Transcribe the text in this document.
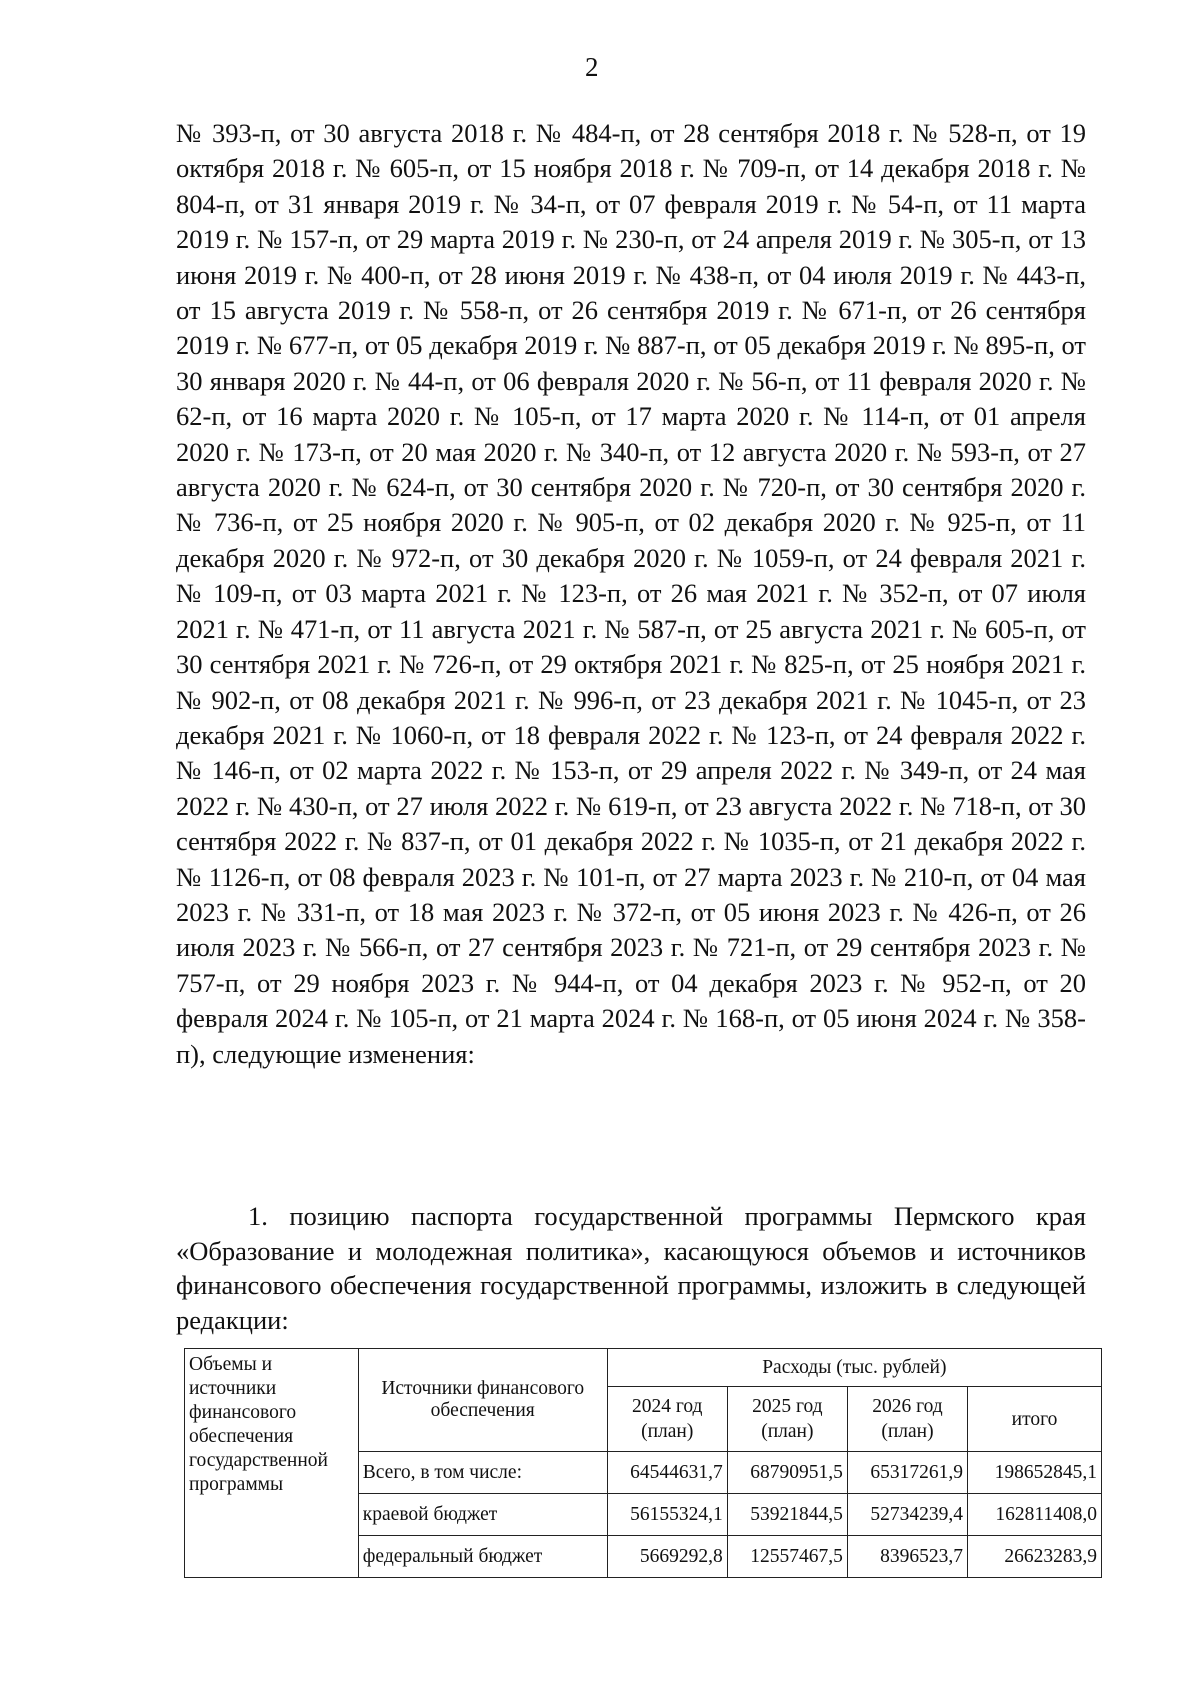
2

№ 393-п, от 30 августа 2018 г. № 484-п, от 28 сентября 2018 г. № 528-п, от 19 октября 2018 г. № 605-п, от 15 ноября 2018 г. № 709-п, от 14 декабря 2018 г. № 804-п, от 31 января 2019 г. № 34-п, от 07 февраля 2019 г. № 54-п, от 11 марта 2019 г. № 157-п, от 29 марта 2019 г. № 230-п, от 24 апреля 2019 г. № 305-п, от 13 июня 2019 г. № 400-п, от 28 июня 2019 г. № 438-п, от 04 июля 2019 г. № 443-п, от 15 августа 2019 г. № 558-п, от 26 сентября 2019 г. № 671-п, от 26 сентября 2019 г. № 677-п, от 05 декабря 2019 г. № 887-п, от 05 декабря 2019 г. № 895-п, от 30 января 2020 г. № 44-п, от 06 февраля 2020 г. № 56-п, от 11 февраля 2020 г. № 62-п, от 16 марта 2020 г. № 105-п, от 17 марта 2020 г. № 114-п, от 01 апреля 2020 г. № 173-п, от 20 мая 2020 г. № 340-п, от 12 августа 2020 г. № 593-п, от 27 августа 2020 г. № 624-п, от 30 сентября 2020 г. № 720-п, от 30 сентября 2020 г. № 736-п, от 25 ноября 2020 г. № 905-п, от 02 декабря 2020 г. № 925-п, от 11 декабря 2020 г. № 972-п, от 30 декабря 2020 г. № 1059-п, от 24 февраля 2021 г. № 109-п, от 03 марта 2021 г. № 123-п, от 26 мая 2021 г. № 352-п, от 07 июля 2021 г. № 471-п, от 11 августа 2021 г. № 587-п, от 25 августа 2021 г. № 605-п, от 30 сентября 2021 г. № 726-п, от 29 октября 2021 г. № 825-п, от 25 ноября 2021 г. № 902-п, от 08 декабря 2021 г. № 996-п, от 23 декабря 2021 г. № 1045-п, от 23 декабря 2021 г. № 1060-п, от 18 февраля 2022 г. № 123-п, от 24 февраля 2022 г. № 146-п, от 02 марта 2022 г. № 153-п, от 29 апреля 2022 г. № 349-п, от 24 мая 2022 г. № 430-п, от 27 июля 2022 г. № 619-п, от 23 августа 2022 г. № 718-п, от 30 сентября 2022 г. № 837-п, от 01 декабря 2022 г. № 1035-п, от 21 декабря 2022 г. № 1126-п, от 08 февраля 2023 г. № 101-п, от 27 марта 2023 г. № 210-п, от 04 мая 2023 г. № 331-п, от 18 мая 2023 г. № 372-п, от 05 июня 2023 г. № 426-п, от 26 июля 2023 г. № 566-п, от 27 сентября 2023 г. № 721-п, от 29 сентября 2023 г. № 757-п, от 29 ноября 2023 г. № 944-п, от 04 декабря 2023 г. № 952-п, от 20 февраля 2024 г. № 105-п, от 21 марта 2024 г. № 168-п, от 05 июня 2024 г. № 358-п), следующие изменения:

1. позицию паспорта государственной программы Пермского края «Образование и молодежная политика», касающуюся объемов и источников финансового обеспечения государственной программы, изложить в следующей редакции:

Объемы и источники финансового обеспечения государственной программы	Источники финансового обеспечения	Расходы (тыс. рублей)			
		2024 год (план)	2025 год (план)	2026 год (план)	итого
	Всего, в том числе:	64544631,7	68790951,5	65317261,9	198652845,1
	краевой бюджет	56155324,1	53921844,5	52734239,4	162811408,0
	федеральный бюджет	5669292,8	12557467,5	8396523,7	26623283,9
